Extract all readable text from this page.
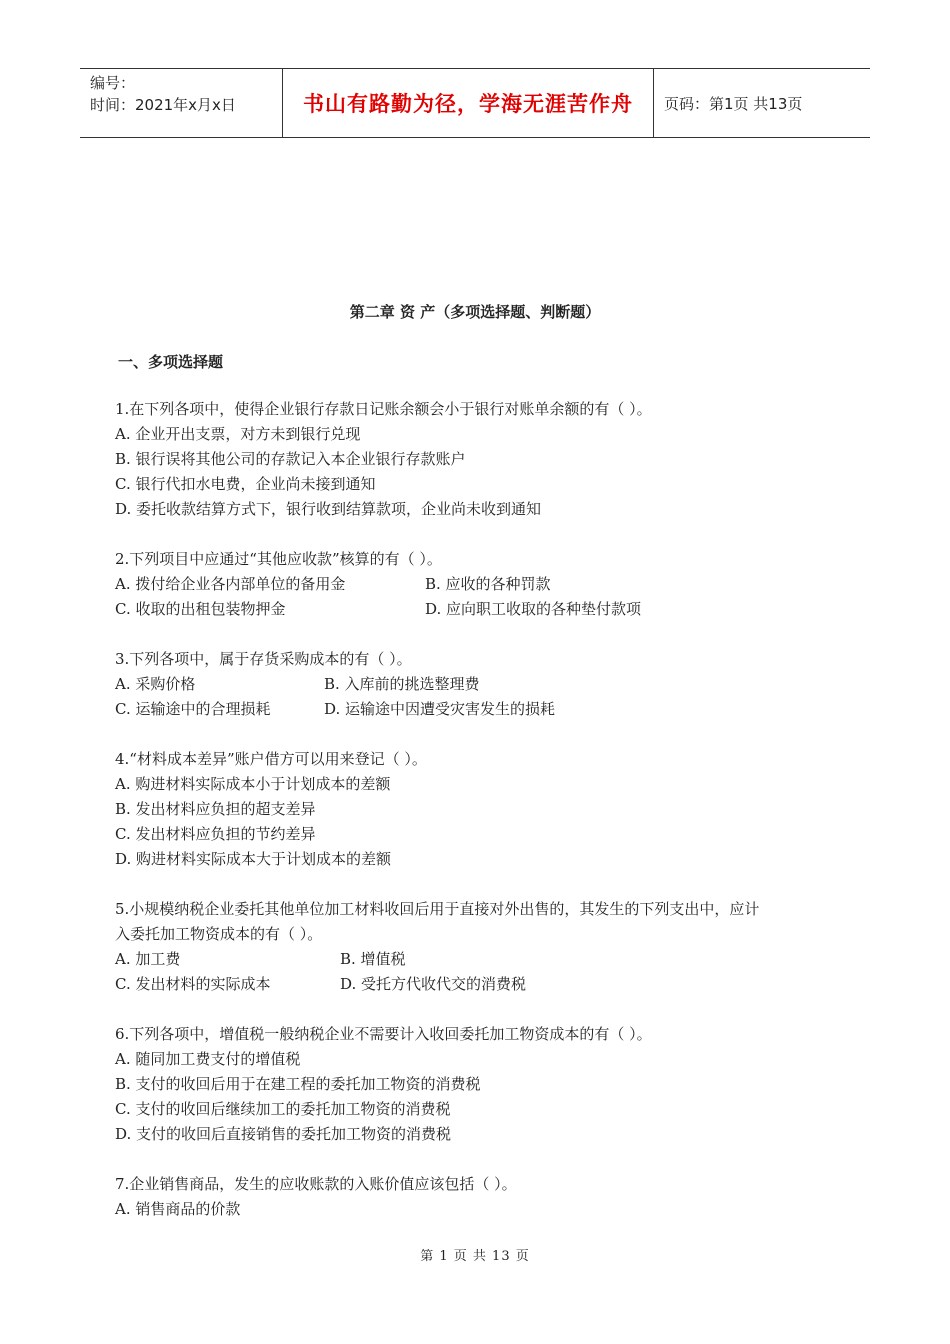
编号：
时间：2021年x月x日	书山有路勤为径，学海无涯苦作舟 页码：第1页 共13页
第二章 资 产（多项选择题、判断题）
一、多项选择题

1.在下列各项中，使得企业银行存款日记账余额会小于银行对账单余额的有（ ）。

A. 企业开出支票，对方未到银行兑现

B. 银行误将其他公司的存款记入本企业银行存款账户

C. 银行代扣水电费，企业尚未接到通知

D. 委托收款结算方式下，银行收到结算款项，企业尚未收到通知

2.下列项目中应通过“其他应收款”核算的有（ ）。

A. 拨付给企业各内部单位的备用金	B. 应收的各种罚款
C. 收取的出租包装物押金	D. 应向职工收取的各种垫付款项

3.下列各项中，属于存货采购成本的有（ ）。

A. 采购价格	B. 入库前的挑选整理费
C. 运输途中的合理损耗	D. 运输途中因遭受灾害发生的损耗

4.“材料成本差异”账户借方可以用来登记（ ）。

A. 购进材料实际成本小于计划成本的差额

B. 发出材料应负担的超支差异

C. 发出材料应负担的节约差异

D. 购进材料实际成本大于计划成本的差额

5.小规模纳税企业委托其他单位加工材料收回后用于直接对外出售的，其发生的下列支出中，应计

入委托加工物资成本的有（ ）。

A. 加工费	B. 增值税
C. 发出材料的实际成本	D. 受托方代收代交的消费税

6.下列各项中，增值税一般纳税企业不需要计入收回委托加工物资成本的有（ ）。

A. 随同加工费支付的增值税

B. 支付的收回后用于在建工程的委托加工物资的消费税

C. 支付的收回后继续加工的委托加工物资的消费税

D. 支付的收回后直接销售的委托加工物资的消费税

7.企业销售商品，发生的应收账款的入账价值应该包括（ ）。

A. 销售商品的价款

第 1 页 共 13 页
